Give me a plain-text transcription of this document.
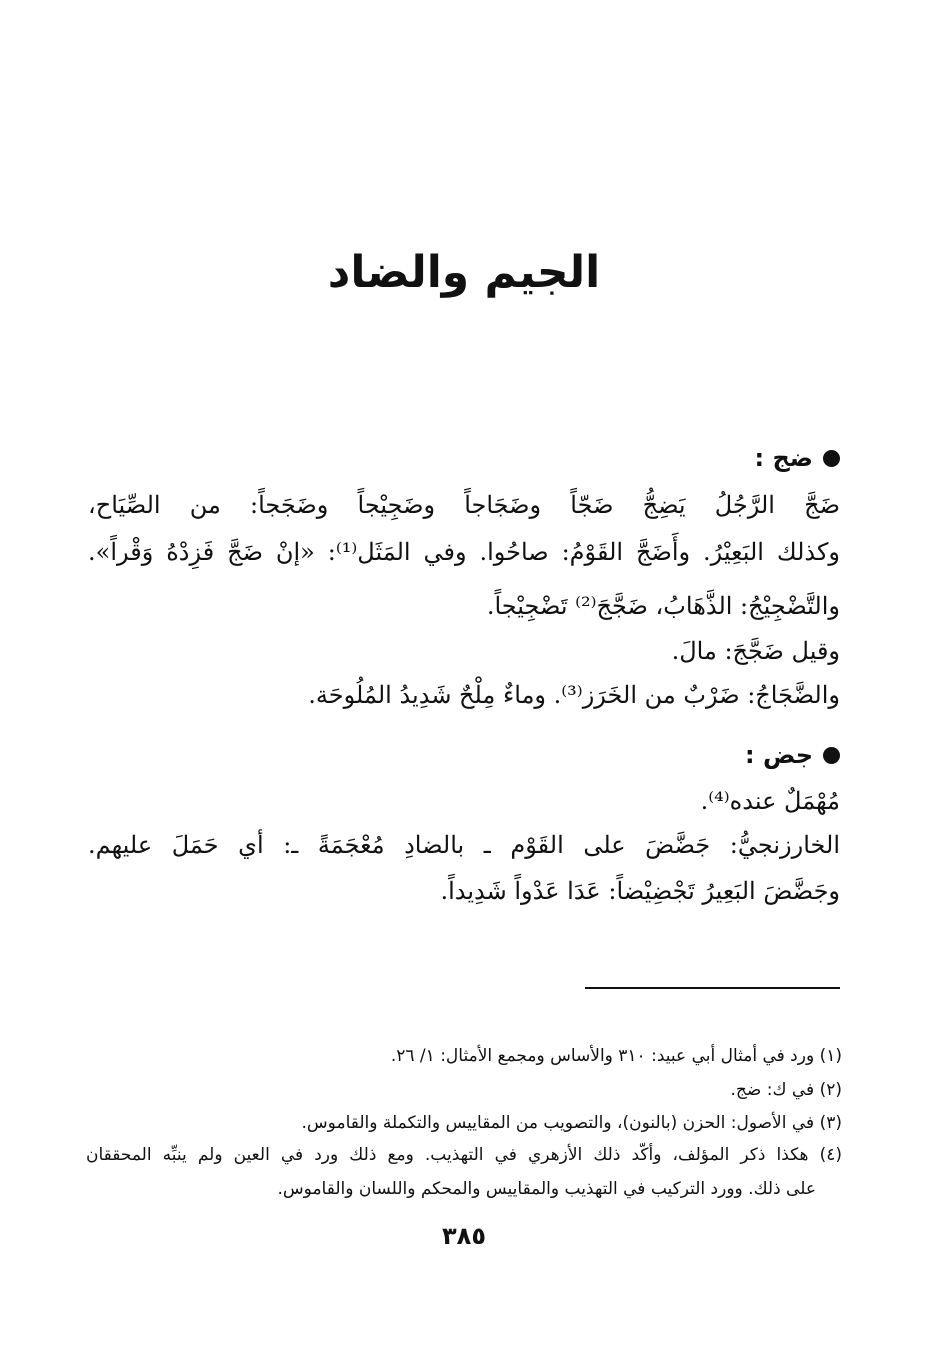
الجيم والضاد
ضج :
ضَجَّ الرَّجُلُ يَضِجُّ ضَجّاً وضَجَاجاً وضَجِيْجاً وضَجَجاً: من الصِّيَاح،
وكذلك البَعِيْرُ. وأَضَجَّ القَوْمُ: صاحُوا. وفي المَثَل⁽¹⁾: «إنْ ضَجَّ فَزِدْهُ وَقْراً».
والتَّضْجِيْجُ: الذَّهَابُ، ضَجَّجَ⁽²⁾ تَضْجِيْجاً.
وقيل ضَجَّجَ: مالَ.
والضَّجَاجُ: ضَرْبٌ من الخَرَز⁽³⁾. وماءٌ مِلْحٌ شَدِيدُ المُلُوحَة.
جض :
مُهْمَلٌ عنده⁽⁴⁾.
الخارزنجيُّ: جَضَّضَ على القَوْم ـ بالضادِ مُعْجَمَةً ـ: أي حَمَلَ عليهم.
وجَضَّضَ البَعِيرُ تَجْضِيْضاً: عَدَا عَدْواً شَدِيداً.
(١) ورد في أمثال أبي عبيد: ٣١٠ والأساس ومجمع الأمثال: ١/ ٢٦.
(٢) في ك: ضج.
(٣) في الأصول: الحزن (بالنون)، والتصويب من المقاييس والتكملة والقاموس.
(٤) هكذا ذكر المؤلف، وأكّد ذلك الأزهري في التهذيب. ومع ذلك ورد في العين ولم ينبِّه المحققان
على ذلك. وورد التركيب في التهذيب والمقاييس والمحكم واللسان والقاموس.
٣٨٥
